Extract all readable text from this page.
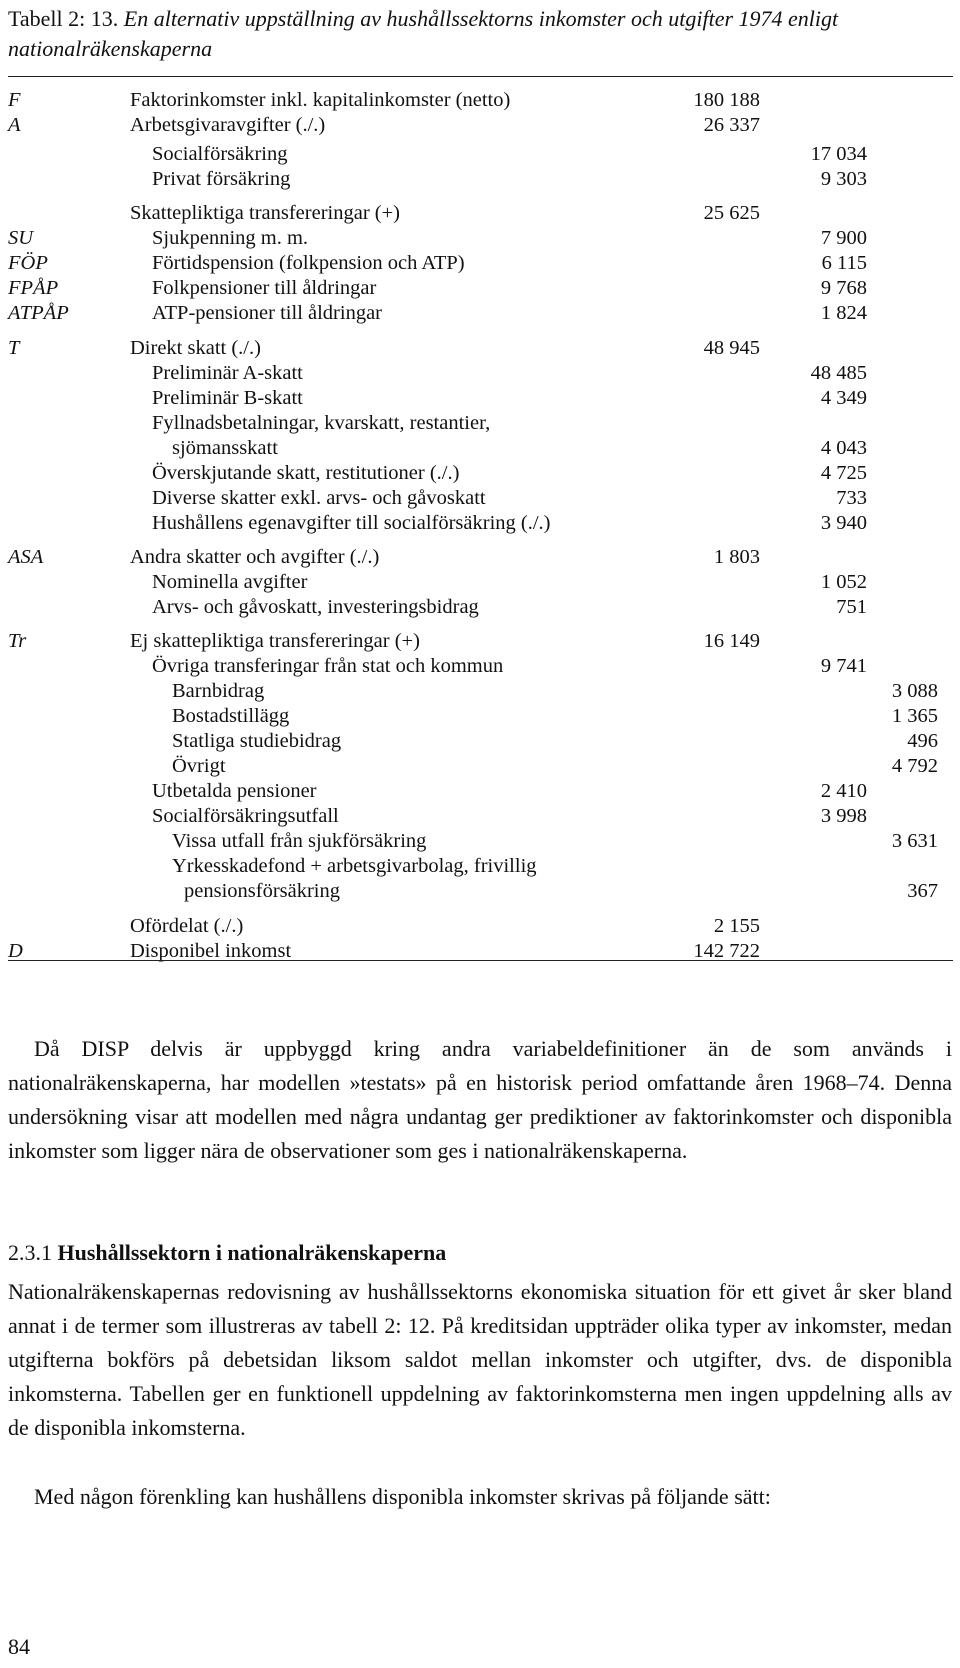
Tabell 2: 13. En alternativ uppställning av hushållssektorns inkomster och utgifter 1974 enligt nationalräkenskaperna
F	Faktorinkomster inkl. kapitalinkomster (netto)	180 188
A	Arbetsgivaravgifter (./.)	26 337
Socialförsäkring	17 034
Privat försäkring	9 303
Skattepliktiga transfereringar (+)	25 625
SU	Sjukpenning m. m.	7 900
FÖP	Förtidspension (folkpension och ATP)	6 115
FPÅP	Folkpensioner till åldringar	9 768
ATPÅP	ATP-pensioner till åldringar	1 824
T	Direkt skatt (./.)	48 945
Preliminär A-skatt	48 485
Preliminär B-skatt	4 349
Fyllnadsbetalningar, kvarskatt, restantier,
sjömansskatt	4 043
Överskjutande skatt, restitutioner (./.)	4 725
Diverse skatter exkl. arvs- och gåvoskatt	733
Hushållens egenavgifter till socialförsäkring (./.)	3 940
ASA	Andra skatter och avgifter (./.)	1 803
Nominella avgifter	1 052
Arvs- och gåvoskatt, investeringsbidrag	751
Tr	Ej skattepliktiga transfereringar (+)	16 149
Övriga transferingar från stat och kommun	9 741
Barnbidrag	3 088
Bostadstillägg	1 365
Statliga studiebidrag	496
Övrigt	4 792
Utbetalda pensioner	2 410
Socialförsäkringsutfall	3 998
Vissa utfall från sjukförsäkring	3 631
Yrkesskadefond + arbetsgivarbolag, frivillig
pensionsförsäkring	367
Ofördelat (./.)	2 155
D	Disponibel inkomst	142 722
Då DISP delvis är uppbyggd kring andra variabeldefinitioner än de som används i nationalräkenskaperna, har modellen »testats» på en historisk period omfattande åren 1968–74. Denna undersökning visar att modellen med några undantag ger prediktioner av faktorinkomster och disponibla inkomster som ligger nära de observationer som ges i nationalräkenskaperna.
2.3.1 Hushållssektorn i nationalräkenskaperna
Nationalräkenskapernas redovisning av hushållssektorns ekonomiska situation för ett givet år sker bland annat i de termer som illustreras av tabell 2: 12. På kreditsidan uppträder olika typer av inkomster, medan utgifterna bokförs på debetsidan liksom saldot mellan inkomster och utgifter, dvs. de disponibla inkomsterna. Tabellen ger en funktionell uppdelning av faktorinkomsterna men ingen uppdelning alls av de disponibla inkomsterna.
Med någon förenkling kan hushållens disponibla inkomster skrivas på följande sätt:
84
